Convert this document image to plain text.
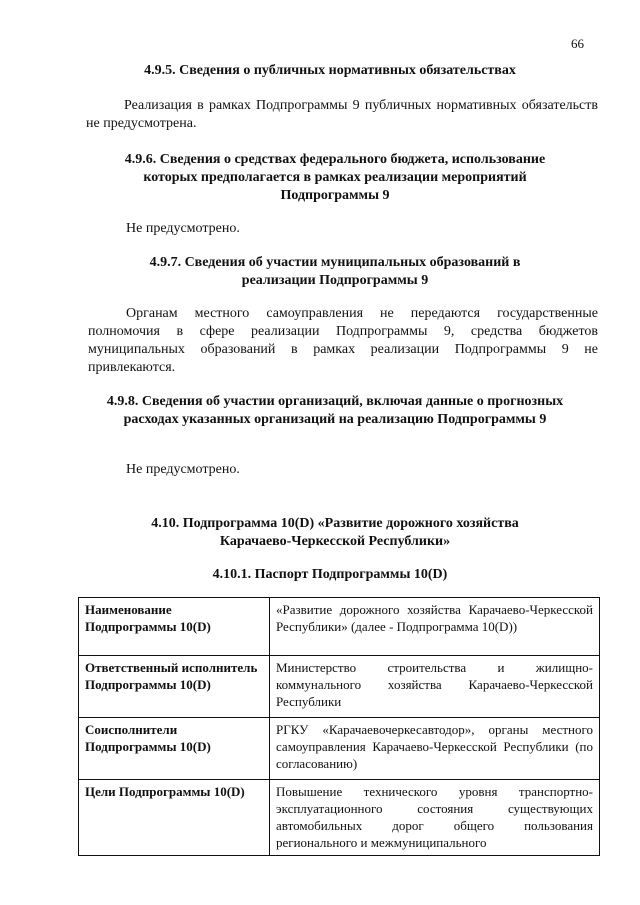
66
4.9.5. Сведения о публичных нормативных обязательствах
Реализация в рамках Подпрограммы 9 публичных нормативных обязательств не предусмотрена.
4.9.6. Сведения о средствах федерального бюджета, использование которых предполагается в рамках реализации мероприятий Подпрограммы 9
Не предусмотрено.
4.9.7. Сведения об участии муниципальных образований в реализации Подпрограммы 9
Органам местного самоуправления не передаются государственные полномочия в сфере реализации Подпрограммы 9, средства бюджетов муниципальных образований в рамках реализации Подпрограммы 9 не привлекаются.
4.9.8. Сведения об участии организаций, включая данные о прогнозных расходах указанных организаций на реализацию Подпрограммы 9
Не предусмотрено.
4.10. Подпрограмма 10(D) «Развитие дорожного хозяйства Карачаево-Черкесской Республики»
4.10.1. Паспорт Подпрограммы 10(D)
Наименование Подпрограммы 10(D)	«Развитие дорожного хозяйства Карачаево-Черкесской Республики» (далее - Подпрограмма 10(D))
Ответственный исполнитель Подпрограммы 10(D)	Министерство строительства и жилищно-коммунального хозяйства Карачаево-Черкесской Республики
Соисполнители Подпрограммы 10(D)	РГКУ «Карачаевочеркесавтодор», органы местного самоуправления Карачаево-Черкесской Республики (по согласованию)
Цели Подпрограммы 10(D)	Повышение технического уровня транспортно-эксплуатационного состояния существующих автомобильных дорог общего пользования регионального и межмуниципального
